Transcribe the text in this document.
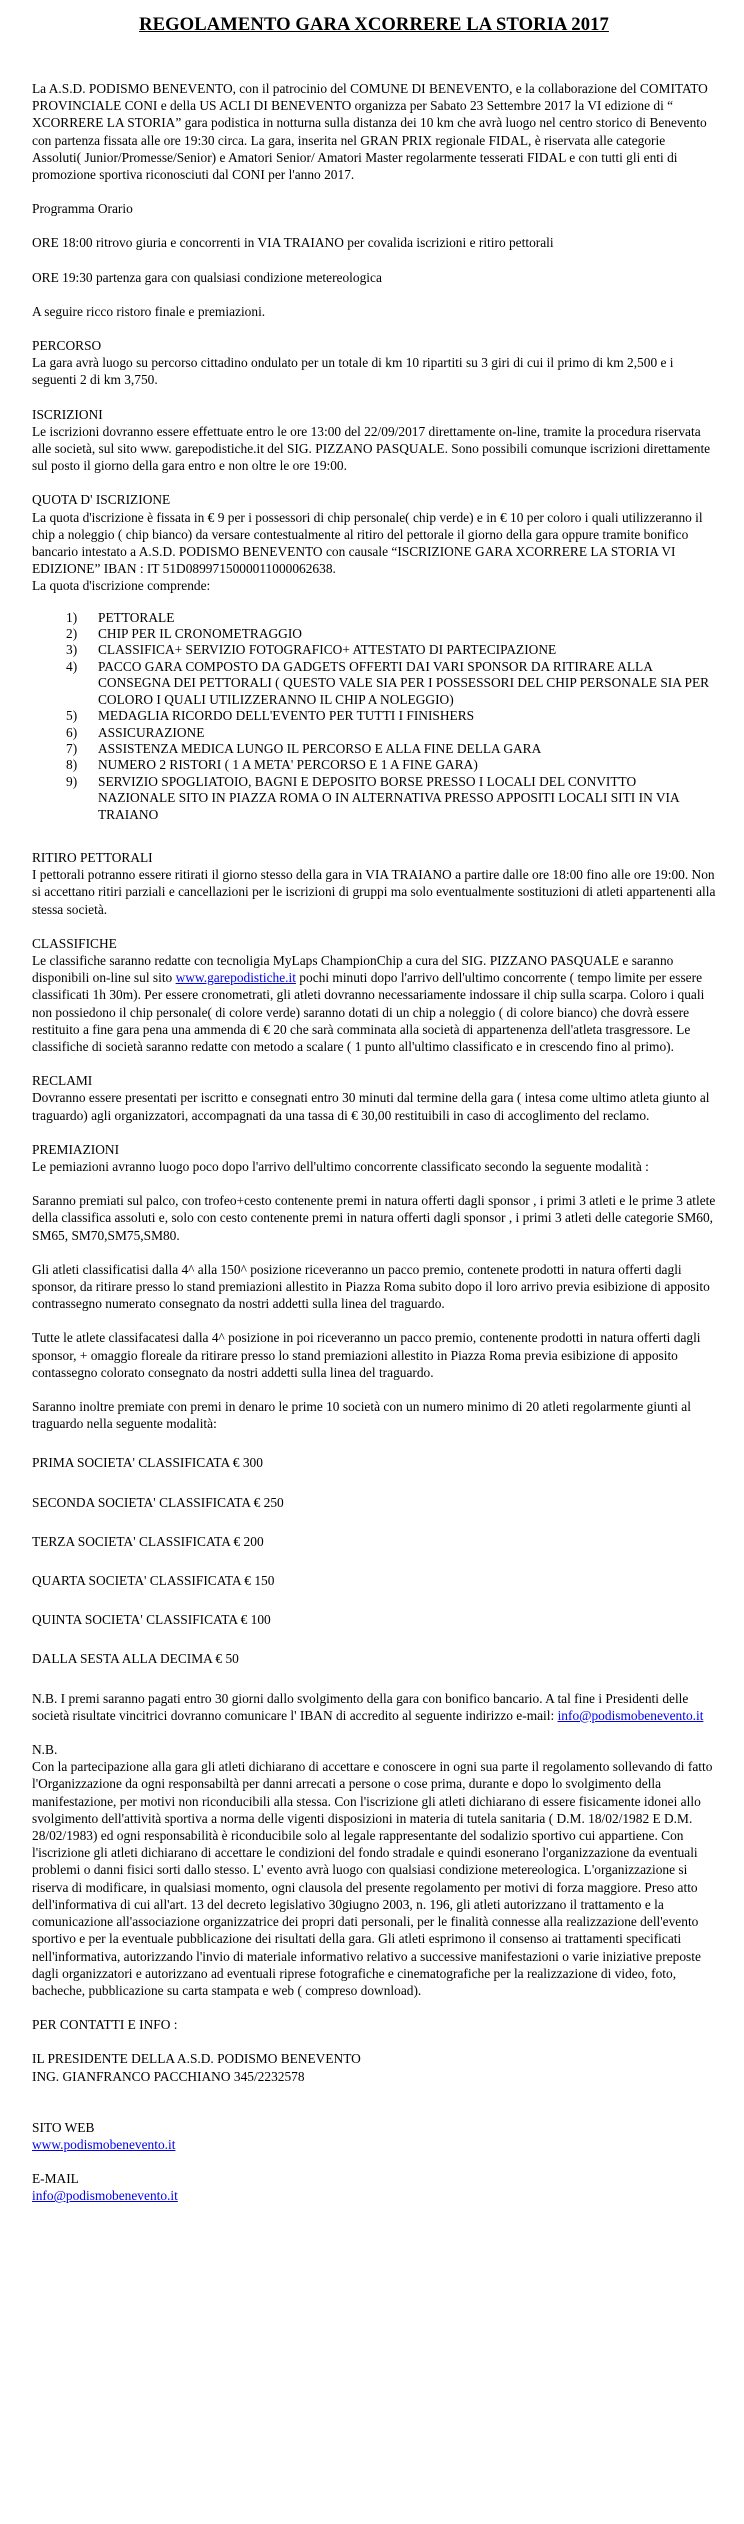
REGOLAMENTO GARA XCORRERE LA STORIA 2017

La A.S.D. PODISMO BENEVENTO, con il patrocinio del COMUNE DI BENEVENTO, e la collaborazione del COMITATO PROVINCIALE CONI e della US ACLI DI BENEVENTO organizza per Sabato 23 Settembre 2017 la VI edizione di “ XCORRERE LA STORIA” gara podistica in notturna sulla distanza dei 10 km che avrà luogo nel centro storico di Benevento con partenza fissata alle ore 19:30 circa. La gara, inserita nel GRAN PRIX regionale FIDAL, è riservata alle categorie Assoluti( Junior/Promesse/Senior) e Amatori Senior/ Amatori Master regolarmente tesserati FIDAL e con tutti gli enti di promozione sportiva riconosciuti dal CONI per l'anno 2017.

Programma Orario

ORE 18:00 ritrovo giuria e concorrenti in VIA TRAIANO per covalida iscrizioni e ritiro pettorali

ORE 19:30 partenza gara con qualsiasi condizione metereologica

A seguire ricco ristoro finale e premiazioni.

PERCORSO

La gara avrà luogo su percorso cittadino ondulato per un totale di km 10 ripartiti su 3 giri di cui il primo di km 2,500 e i seguenti 2 di km 3,750.

ISCRIZIONI

Le iscrizioni dovranno essere effettuate entro le ore 13:00 del 22/09/2017 direttamente on-line, tramite la procedura riservata alle società, sul sito www. garepodistiche.it del SIG. PIZZANO PASQUALE. Sono possibili comunque iscrizioni direttamente sul posto il giorno della gara entro e non oltre le ore 19:00.

QUOTA D' ISCRIZIONE

La quota d'iscrizione è fissata in € 9 per i possessori di chip personale( chip verde) e in € 10 per coloro i quali utilizzeranno il chip a noleggio ( chip bianco) da versare contestualmente al ritiro del pettorale il giorno della gara oppure tramite bonifico bancario intestato a A.S.D. PODISMO BENEVENTO con causale “ISCRIZIONE GARA XCORRERE LA STORIA VI EDIZIONE” IBAN : IT 51D0899715000011000062638.

La quota d'iscrizione comprende:

1)	PETTORALE
2)	CHIP PER IL CRONOMETRAGGIO
3)	CLASSIFICA+ SERVIZIO FOTOGRAFICO+ ATTESTATO DI PARTECIPAZIONE
4)	PACCO GARA COMPOSTO DA GADGETS OFFERTI DAI VARI SPONSOR DA RITIRARE ALLA CONSEGNA DEI PETTORALI ( QUESTO VALE SIA PER I POSSESSORI DEL CHIP PERSONALE SIA PER COLORO I QUALI UTILIZZERANNO IL CHIP A NOLEGGIO)
5)	MEDAGLIA RICORDO DELL'EVENTO PER TUTTI I FINISHERS
6)	ASSICURAZIONE
7)	ASSISTENZA MEDICA LUNGO IL PERCORSO E ALLA FINE DELLA GARA
8)	NUMERO 2 RISTORI ( 1 A META' PERCORSO E 1 A FINE GARA)
9)	SERVIZIO SPOGLIATOIO, BAGNI E DEPOSITO BORSE PRESSO I LOCALI DEL CONVITTO NAZIONALE SITO IN PIAZZA ROMA O IN ALTERNATIVA PRESSO APPOSITI LOCALI SITI IN VIA TRAIANO

RITIRO PETTORALI

I pettorali potranno essere ritirati il giorno stesso della gara in VIA TRAIANO a partire dalle ore 18:00 fino alle ore 19:00. Non si accettano ritiri parziali e cancellazioni per le iscrizioni di gruppi ma solo eventualmente sostituzioni di atleti appartenenti alla stessa società.

CLASSIFICHE

Le classifiche saranno redatte con tecnoligia MyLaps ChampionChip a cura del SIG. PIZZANO PASQUALE e saranno disponibili on-line sul sito www.garepodistiche.it pochi minuti dopo l'arrivo dell'ultimo concorrente ( tempo limite per essere classificati 1h 30m). Per essere cronometrati, gli atleti dovranno necessariamente indossare il chip sulla scarpa. Coloro i quali non possiedono il chip personale( di colore verde) saranno dotati di un chip a noleggio ( di colore bianco) che dovrà essere restituito a fine gara pena una ammenda di € 20 che sarà comminata alla società di appartenenza dell'atleta trasgressore. Le classifiche di società saranno redatte con metodo a scalare ( 1 punto all'ultimo classificato e in crescendo fino al primo).

RECLAMI

Dovranno essere presentati per iscritto e consegnati entro 30 minuti dal termine della gara ( intesa come ultimo atleta giunto al traguardo) agli organizzatori, accompagnati da una tassa di € 30,00 restituibili in caso di accoglimento del reclamo.

PREMIAZIONI

Le pemiazioni avranno luogo poco dopo l'arrivo dell'ultimo concorrente classificato secondo la seguente modalità :

Saranno premiati sul palco, con trofeo+cesto contenente premi in natura offerti dagli sponsor , i primi 3 atleti e le prime 3 atlete della classifica assoluti e, solo con cesto contenente premi in natura offerti dagli sponsor , i primi 3 atleti delle categorie SM60, SM65, SM70,SM75,SM80.

Gli atleti classificatisi dalla 4^ alla 150^ posizione riceveranno un pacco premio, contenete prodotti in natura offerti dagli sponsor, da ritirare presso lo stand premiazioni allestito in Piazza Roma subito dopo il loro arrivo previa esibizione di apposito contrassegno numerato consegnato da nostri addetti sulla linea del traguardo.

Tutte le atlete classifacatesi dalla 4^ posizione in poi riceveranno un pacco premio, contenente prodotti in natura offerti dagli sponsor, + omaggio floreale da ritirare presso lo stand premiazioni allestito in Piazza Roma previa esibizione di apposito contassegno colorato consegnato da nostri addetti sulla linea del traguardo.

Saranno inoltre premiate con premi in denaro le prime 10 società con un numero minimo di 20 atleti regolarmente giunti al traguardo nella seguente modalità:

PRIMA SOCIETA' CLASSIFICATA € 300

SECONDA SOCIETA' CLASSIFICATA € 250

TERZA SOCIETA' CLASSIFICATA € 200

QUARTA SOCIETA' CLASSIFICATA € 150

QUINTA SOCIETA' CLASSIFICATA € 100

DALLA SESTA ALLA DECIMA € 50

N.B. I premi saranno pagati entro 30 giorni dallo svolgimento della gara con bonifico bancario. A tal fine i Presidenti delle società risultate vincitrici dovranno comunicare l' IBAN di accredito al seguente indirizzo e-mail: info@podismobenevento.it

N.B.

Con la partecipazione alla gara gli atleti dichiarano di accettare e conoscere in ogni sua parte il regolamento sollevando di fatto l'Organizzazione da ogni responsabiltà per danni arrecati a persone o cose prima, durante e dopo lo svolgimento della manifestazione, per motivi non riconducibili alla stessa. Con l'iscrizione gli atleti dichiarano di essere fisicamente idonei allo svolgimento dell'attività sportiva a norma delle vigenti disposizioni in materia di tutela sanitaria ( D.M. 18/02/1982 E D.M. 28/02/1983) ed ogni responsabilità è riconducibile solo al legale rappresentante del sodalizio sportivo cui appartiene. Con l'iscrizione gli atleti dichiarano di accettare le condizioni del fondo stradale e quindi esonerano l'organizzazione da eventuali problemi o danni fisici sorti dallo stesso. L' evento avrà luogo con qualsiasi condizione metereologica. L'organizzazione si riserva di modificare, in qualsiasi momento, ogni clausola del presente regolamento per motivi di forza maggiore. Preso atto dell'informativa di cui all'art. 13 del decreto legislativo 30giugno 2003, n. 196, gli atleti autorizzano il trattamento e la comunicazione all'associazione organizzatrice dei propri dati personali, per le finalità connesse alla realizzazione dell'evento sportivo e per la eventuale pubblicazione dei risultati della gara. Gli atleti esprimono il consenso ai trattamenti specificati nell'informativa, autorizzando l'invio di materiale informativo relativo a successive manifestazioni o varie iniziative preposte dagli organizzatori e autorizzano ad eventuali riprese fotografiche e cinematografiche per la realizzazione di video, foto, bacheche, pubblicazione su carta stampata e web ( compreso download).

PER CONTATTI E INFO :

IL PRESIDENTE DELLA A.S.D. PODISMO BENEVENTO

ING. GIANFRANCO PACCHIANO 345/2232578

SITO WEB

www.podismobenevento.it

E-MAIL

info@podismobenevento.it
